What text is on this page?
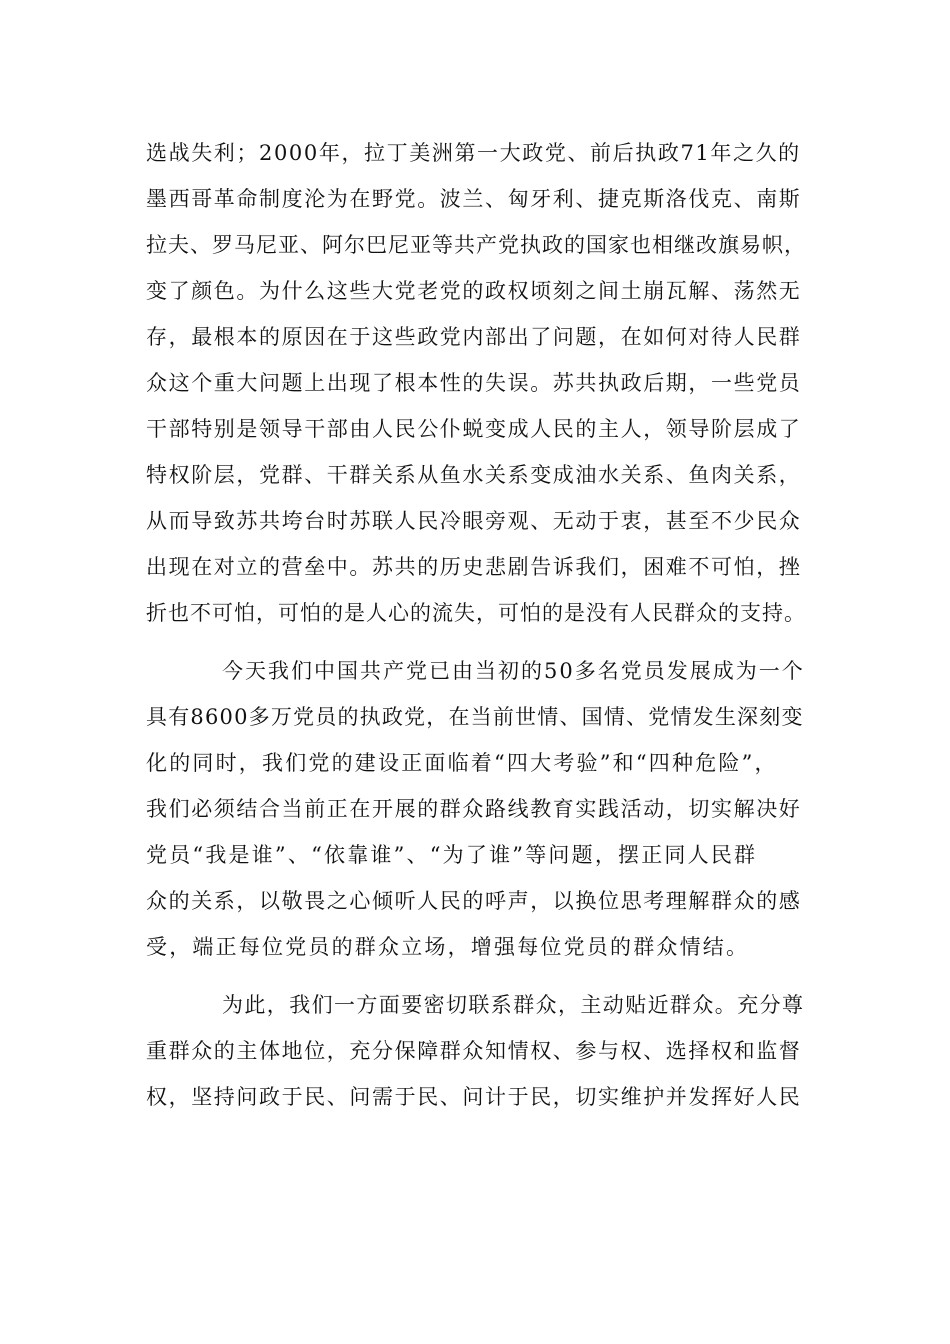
选战失利；2000年，拉丁美洲第一大政党、前后执政71年之久的
墨西哥革命制度沦为在野党。波兰、匈牙利、捷克斯洛伐克、南斯
拉夫、罗马尼亚、阿尔巴尼亚等共产党执政的国家也相继改旗易帜，
变了颜色。为什么这些大党老党的政权顷刻之间土崩瓦解、荡然无
存，最根本的原因在于这些政党内部出了问题，在如何对待人民群
众这个重大问题上出现了根本性的失误。苏共执政后期，一些党员
干部特别是领导干部由人民公仆蜕变成人民的主人，领导阶层成了
特权阶层，党群、干群关系从鱼水关系变成油水关系、鱼肉关系，
从而导致苏共垮台时苏联人民冷眼旁观、无动于衷，甚至不少民众
出现在对立的营垒中。苏共的历史悲剧告诉我们，困难不可怕，挫
折也不可怕，可怕的是人心的流失，可怕的是没有人民群众的支持。
今天我们中国共产党已由当初的50多名党员发展成为一个
具有8600多万党员的执政党，在当前世情、国情、党情发生深刻变
化的同时，我们党的建设正面临着“四大考验”和“四种危险”，
我们必须结合当前正在开展的群众路线教育实践活动，切实解决好
党员“我是谁”、“依靠谁”、“为了谁”等问题，摆正同人民群
众的关系，以敬畏之心倾听人民的呼声，以换位思考理解群众的感
受，端正每位党员的群众立场，增强每位党员的群众情结。
为此，我们一方面要密切联系群众，主动贴近群众。充分尊
重群众的主体地位，充分保障群众知情权、参与权、选择权和监督
权，坚持问政于民、问需于民、问计于民，切实维护并发挥好人民
